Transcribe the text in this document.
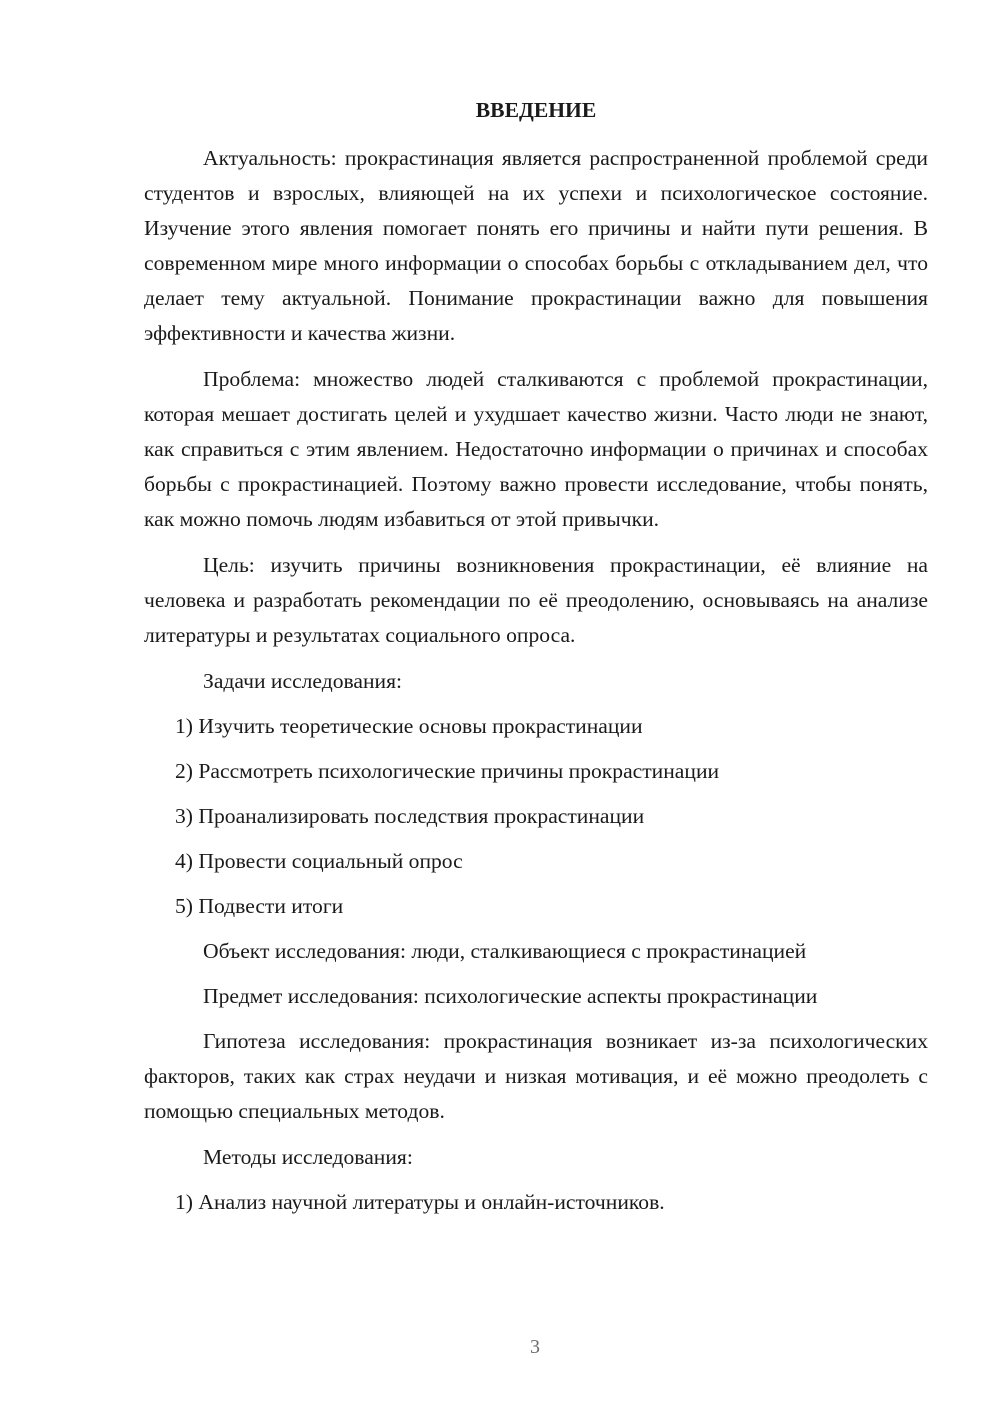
ВВЕДЕНИЕ

Актуальность: прокрастинация является распространенной проблемой среди студентов и взрослых, влияющей на их успехи и психологическое состояние. Изучение этого явления помогает понять его причины и найти пути решения. В современном мире много информации о способах борьбы с откладыванием дел, что делает тему актуальной. Понимание прокрастинации важно для повышения эффективности и качества жизни.

Проблема: множество людей сталкиваются с проблемой прокрастинации, которая мешает достигать целей и ухудшает качество жизни. Часто люди не знают, как справиться с этим явлением. Недостаточно информации о причинах и способах борьбы с прокрастинацией. Поэтому важно провести исследование, чтобы понять, как можно помочь людям избавиться от этой привычки.

Цель: изучить причины возникновения прокрастинации, её влияние на человека и разработать рекомендации по её преодолению, основываясь на анализе литературы и результатах социального опроса.

Задачи исследования:

1) Изучить теоретические основы прокрастинации

2) Рассмотреть психологические причины прокрастинации

3) Проанализировать последствия прокрастинации

4) Провести социальный опрос

5) Подвести итоги

Объект исследования: люди, сталкивающиеся с прокрастинацией

Предмет исследования: психологические аспекты прокрастинации

Гипотеза исследования: прокрастинация возникает из-за психологических факторов, таких как страх неудачи и низкая мотивация, и её можно преодолеть с помощью специальных методов.

Методы исследования:

1) Анализ научной литературы и онлайн-источников.

3
